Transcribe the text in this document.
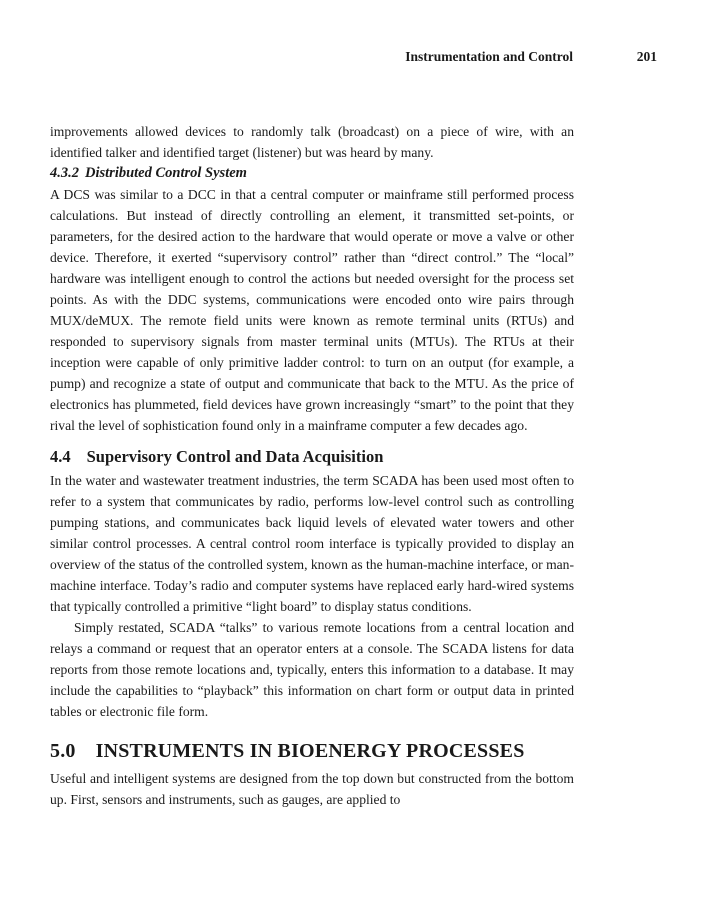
Instrumentation and Control	201

improvements allowed devices to randomly talk (broadcast) on a piece of wire, with an identified talker and identified target (listener) but was heard by many.

4.3.2 Distributed Control System

A DCS was similar to a DCC in that a central computer or mainframe still performed process calculations. But instead of directly controlling an element, it transmitted set-points, or parameters, for the desired action to the hardware that would operate or move a valve or other device. Therefore, it exerted “supervisory control” rather than “direct control.” The “local” hardware was intelligent enough to control the actions but needed oversight for the process set points. As with the DDC systems, communications were encoded onto wire pairs through MUX/deMUX. The remote field units were known as remote terminal units (RTUs) and responded to supervisory signals from master terminal units (MTUs). The RTUs at their inception were capable of only primitive ladder control: to turn on an output (for example, a pump) and recognize a state of output and communicate that back to the MTU. As the price of electronics has plummeted, field devices have grown increasingly “smart” to the point that they rival the level of sophistication found only in a mainframe computer a few decades ago.

4.4 Supervisory Control and Data Acquisition

In the water and wastewater treatment industries, the term SCADA has been used most often to refer to a system that communicates by radio, performs low-level control such as controlling pumping stations, and communicates back liquid levels of elevated water towers and other similar control processes. A central control room interface is typically provided to display an overview of the status of the controlled system, known as the human-machine interface, or man-machine interface. Today’s radio and computer systems have replaced early hard-wired systems that typically controlled a primitive “light board” to display status conditions.

Simply restated, SCADA “talks” to various remote locations from a central location and relays a command or request that an operator enters at a console. The SCADA listens for data reports from those remote locations and, typically, enters this information to a database. It may include the capabilities to “playback” this information on chart form or output data in printed tables or electronic file form.

5.0 INSTRUMENTS IN BIOENERGY PROCESSES

Useful and intelligent systems are designed from the top down but constructed from the bottom up. First, sensors and instruments, such as gauges, are applied to
